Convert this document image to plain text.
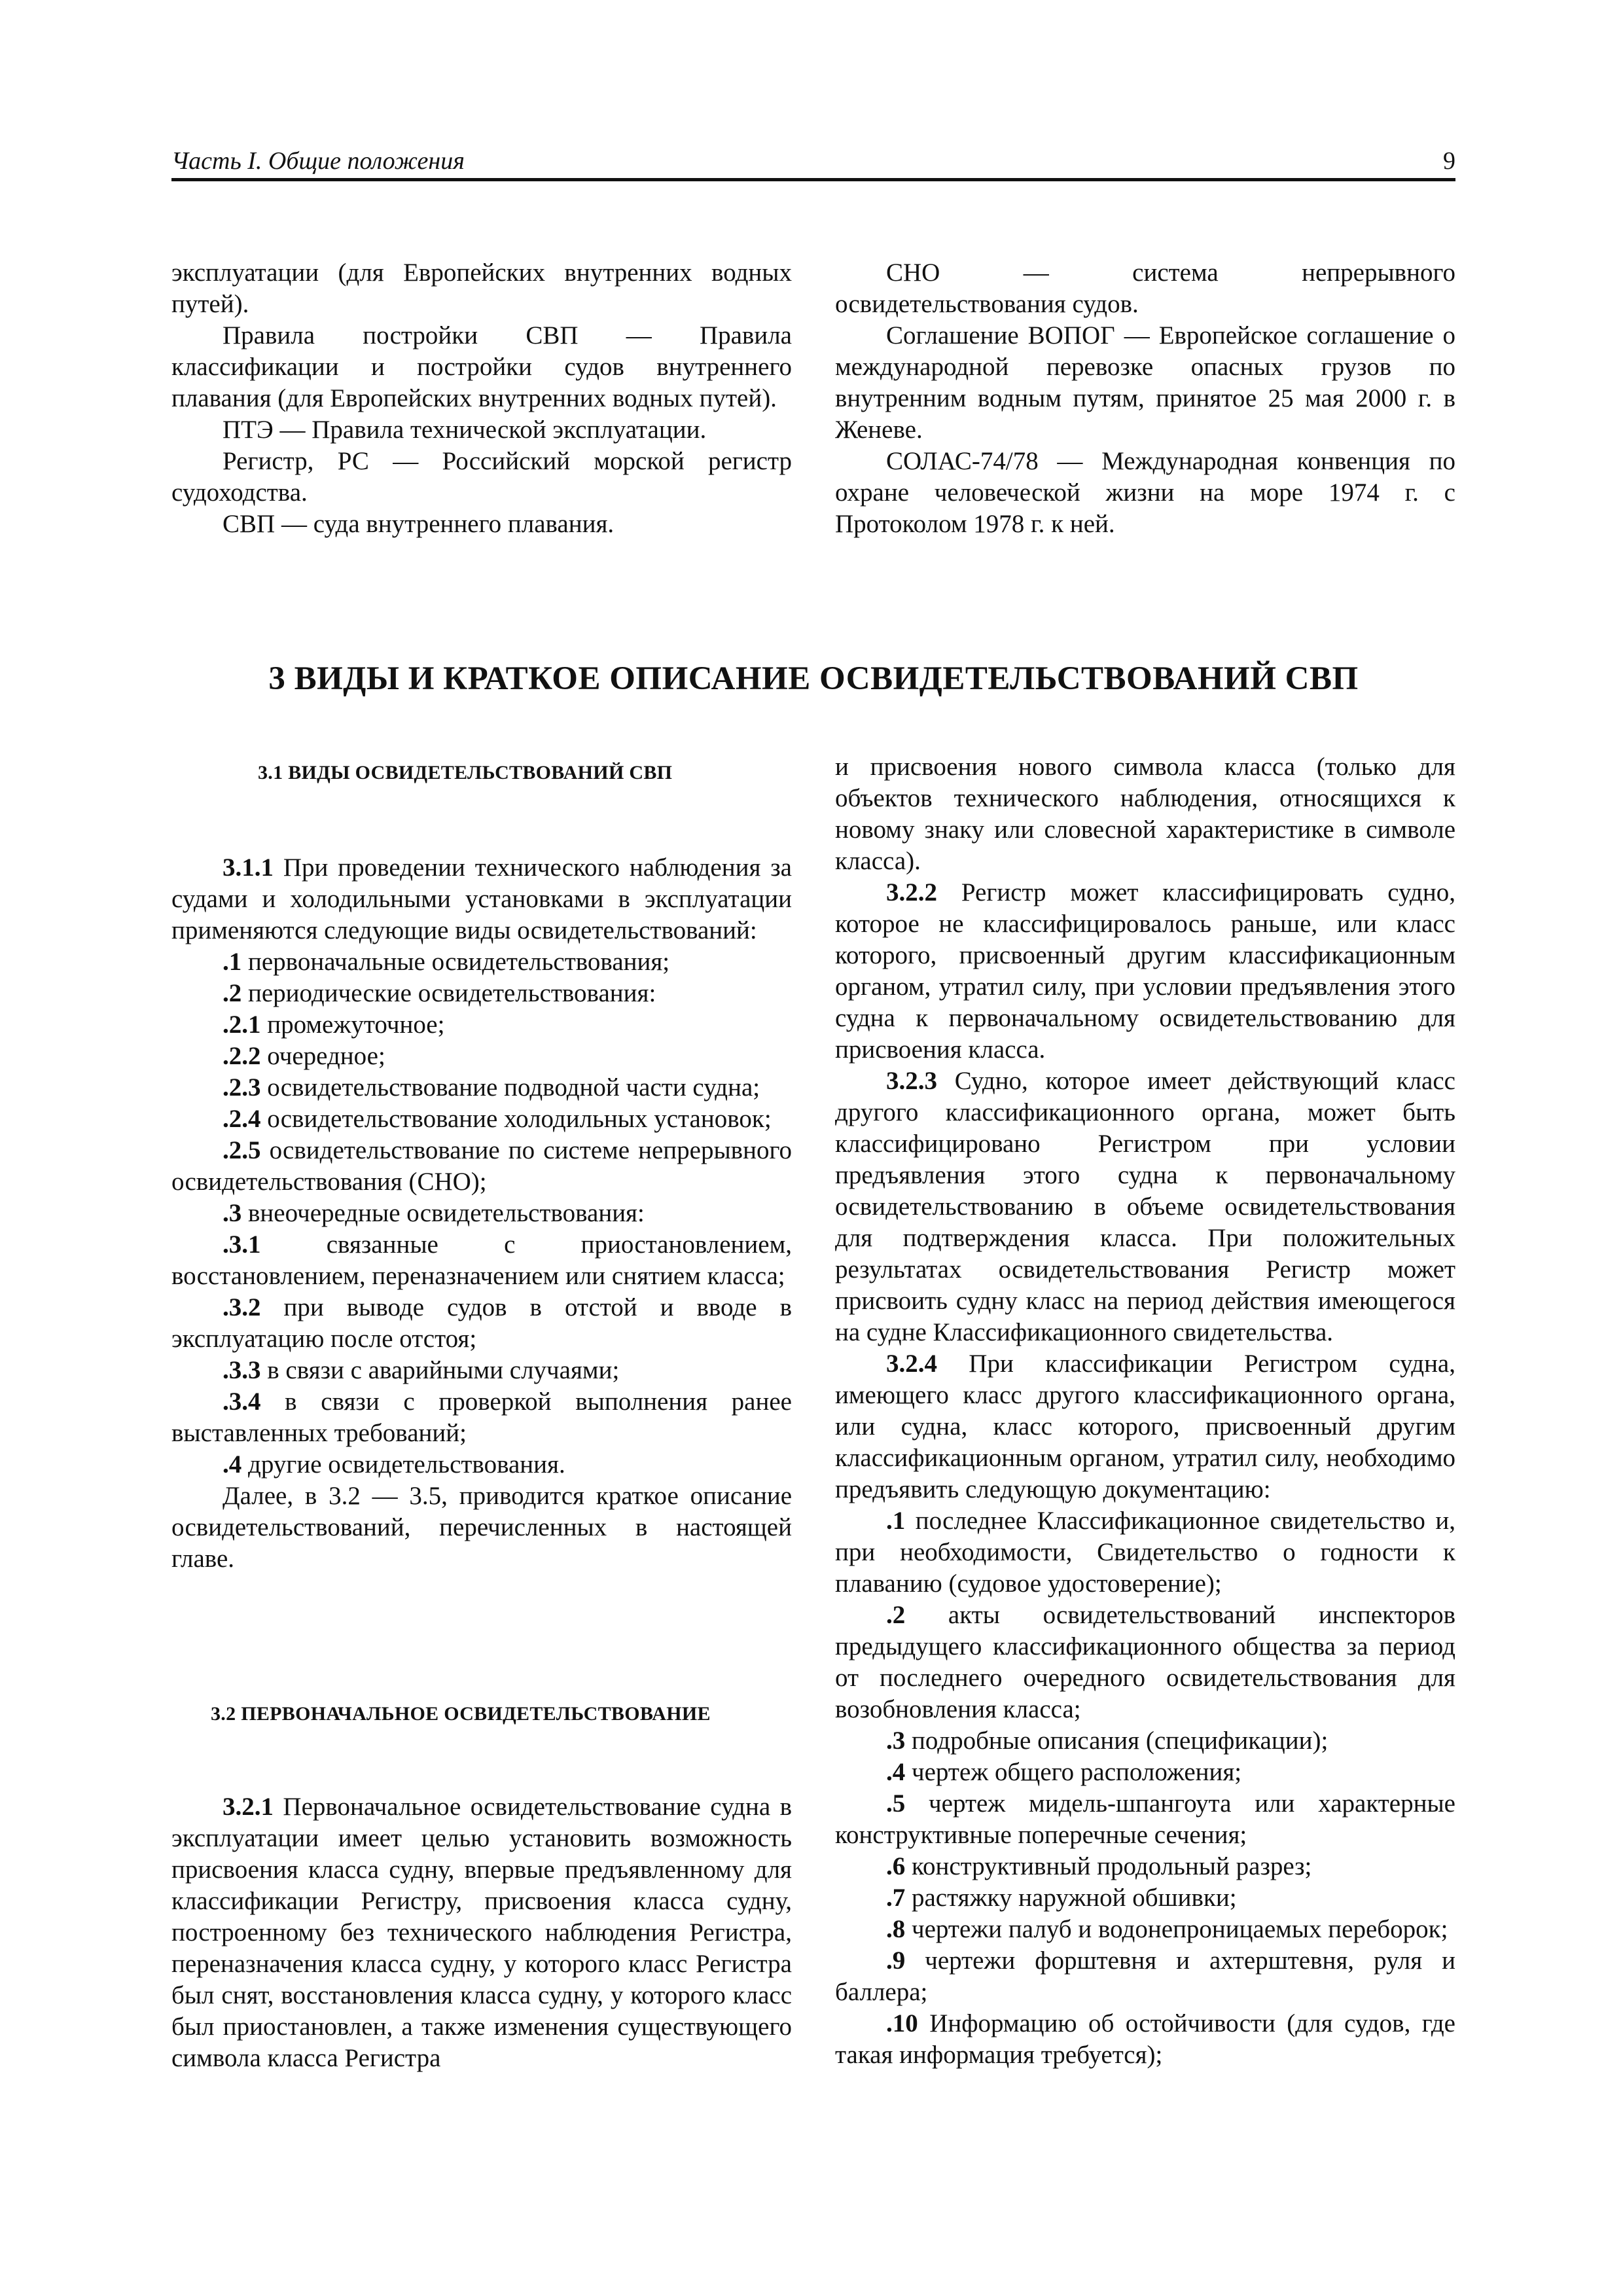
Часть I. Общие положения	9

эксплуатации (для Европейских внутренних водных путей).

Правила постройки СВП — Правила классификации и постройки судов внутреннего плавания (для Европейских внутренних водных путей).

ПТЭ — Правила технической эксплуатации.

Регистр, РС — Российский морской регистр судоходства.

СВП — суда внутреннего плавания.

СНО — система непрерывного освидетельствования судов.

Соглашение ВОПОГ — Европейское соглашение о международной перевозке опасных грузов по внутренним водным путям, принятое 25 мая 2000 г. в Женеве.

СОЛАС-74/78 — Международная конвенция по охране человеческой жизни на море 1974 г. с Протоколом 1978 г. к ней.

3 ВИДЫ И КРАТКОЕ ОПИСАНИЕ ОСВИДЕТЕЛЬСТВОВАНИЙ СВП
3.1 ВИДЫ ОСВИДЕТЕЛЬСТВОВАНИЙ СВП

3.1.1 При проведении технического наблюдения за судами и холодильными установками в эксплуатации применяются следующие виды освидетельствований:

.1 первоначальные освидетельствования;

.2 периодические освидетельствования:

.2.1 промежуточное;

.2.2 очередное;

.2.3 освидетельствование подводной части судна;

.2.4 освидетельствование холодильных установок;

.2.5 освидетельствование по системе непрерывного освидетельствования (СНО);

.3 внеочередные освидетельствования:

.3.1 связанные с приостановлением, восстановлением, переназначением или снятием класса;

.3.2 при выводе судов в отстой и вводе в эксплуатацию после отстоя;

.3.3 в связи с аварийными случаями;

.3.4 в связи с проверкой выполнения ранее выставленных требований;

.4 другие освидетельствования.

Далее, в 3.2 — 3.5, приводится краткое описание освидетельствований, перечисленных в настоящей главе.

3.2 ПЕРВОНАЧАЛЬНОЕ ОСВИДЕТЕЛЬСТВОВАНИЕ

3.2.1 Первоначальное освидетельствование судна в эксплуатации имеет целью установить возможность присвоения класса судну, впервые предъявленному для классификации Регистру, присвоения класса судну, построенному без технического наблюдения Регистра, переназначения класса судну, у которого класс Регистра был снят, восстановления класса судну, у которого класс был приостановлен, а также изменения существующего символа класса Регистра

и присвоения нового символа класса (только для объектов технического наблюдения, относящихся к новому знаку или словесной характеристике в символе класса).

3.2.2 Регистр может классифицировать судно, которое не классифицировалось раньше, или класс которого, присвоенный другим классификационным органом, утратил силу, при условии предъявления этого судна к первоначальному освидетельствованию для присвоения класса.

3.2.3 Судно, которое имеет действующий класс другого классификационного органа, может быть классифицировано Регистром при условии предъявления этого судна к первоначальному освидетельствованию в объеме освидетельствования для подтверждения класса. При положительных результатах освидетельствования Регистр может присвоить судну класс на период действия имеющегося на судне Классификационного свидетельства.

3.2.4 При классификации Регистром судна, имеющего класс другого классификационного органа, или судна, класс которого, присвоенный другим классификационным органом, утратил силу, необходимо предъявить следующую документацию:

.1 последнее Классификационное свидетельство и, при необходимости, Свидетельство о годности к плаванию (судовое удостоверение);

.2 акты освидетельствований инспекторов предыдущего классификационного общества за период от последнего очередного освидетельствования для возобновления класса;

.3 подробные описания (спецификации);

.4 чертеж общего расположения;

.5 чертеж мидель-шпангоута или характерные конструктивные поперечные сечения;

.6 конструктивный продольный разрез;

.7 растяжку наружной обшивки;

.8 чертежи палуб и водонепроницаемых переборок;

.9 чертежи форштевня и ахтерштевня, руля и баллера;

.10 Информацию об остойчивости (для судов, где такая информация требуется);
